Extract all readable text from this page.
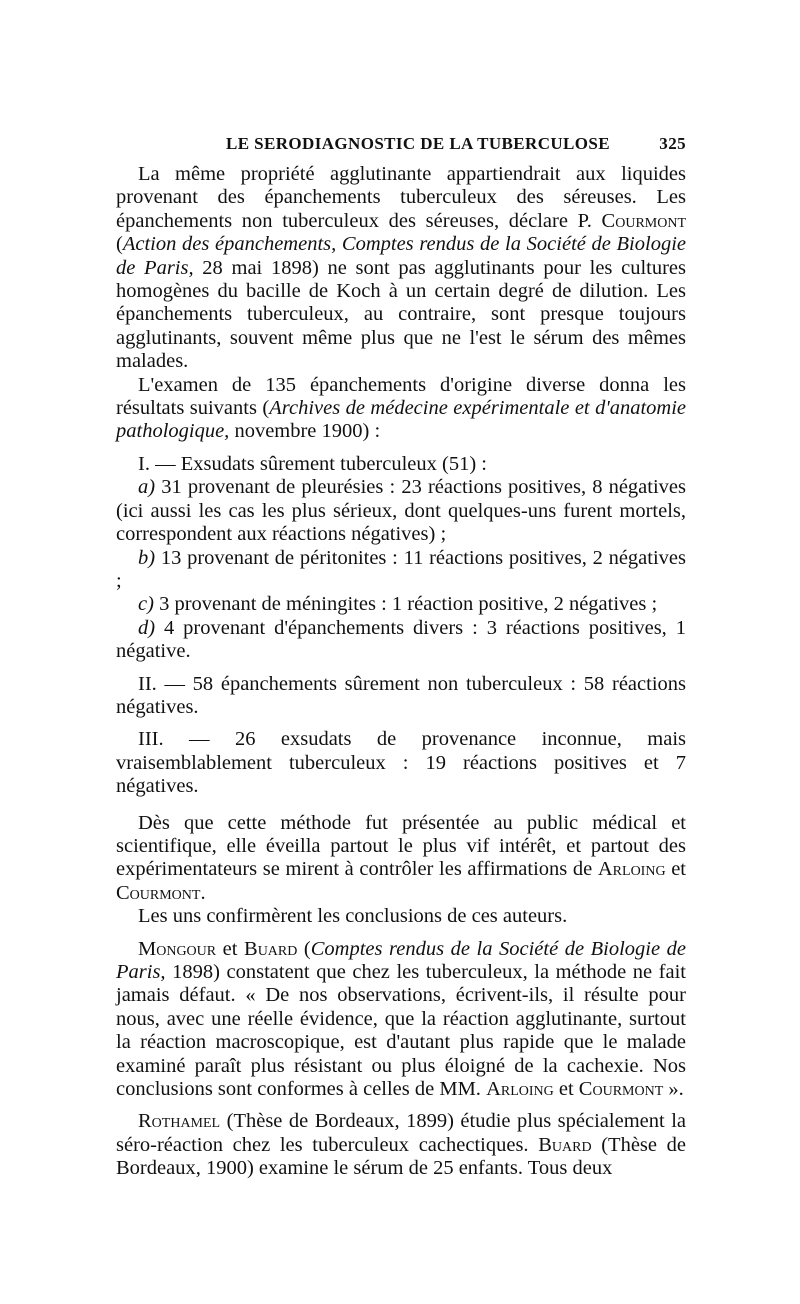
LE SERODIAGNOSTIC DE LA TUBERCULOSE	325

La même propriété agglutinante appartiendrait aux liquides provenant des épanchements tuberculeux des séreuses. Les épanchements non tuberculeux des séreuses, déclare P. Courmont (Action des épanchements, Comptes rendus de la Société de Biologie de Paris, 28 mai 1898) ne sont pas agglutinants pour les cultures homogènes du bacille de Koch à un certain degré de dilution. Les épanchements tuberculeux, au contraire, sont presque toujours agglutinants, souvent même plus que ne l'est le sérum des mêmes malades.

L'examen de 135 épanchements d'origine diverse donna les résultats suivants (Archives de médecine expérimentale et d'anatomie pathologique, novembre 1900) :

I. — Exsudats sûrement tuberculeux (51) :

a) 31 provenant de pleurésies : 23 réactions positives, 8 négatives (ici aussi les cas les plus sérieux, dont quelques-uns furent mortels, correspondent aux réactions négatives) ;

b) 13 provenant de péritonites : 11 réactions positives, 2 négatives ;

c) 3 provenant de méningites : 1 réaction positive, 2 négatives ;

d) 4 provenant d'épanchements divers : 3 réactions positives, 1 négative.

II. — 58 épanchements sûrement non tuberculeux : 58 réactions négatives.

III. — 26 exsudats de provenance inconnue, mais vraisemblablement tuberculeux : 19 réactions positives et 7 négatives.

Dès que cette méthode fut présentée au public médical et scientifique, elle éveilla partout le plus vif intérêt, et partout des expérimentateurs se mirent à contrôler les affirmations de Arloing et Courmont.

Les uns confirmèrent les conclusions de ces auteurs.

Mongour et Buard (Comptes rendus de la Société de Biologie de Paris, 1898) constatent que chez les tuberculeux, la méthode ne fait jamais défaut. « De nos observations, écrivent-ils, il résulte pour nous, avec une réelle évidence, que la réaction agglutinante, surtout la réaction macroscopique, est d'autant plus rapide que le malade examiné paraît plus résistant ou plus éloigné de la cachexie. Nos conclusions sont conformes à celles de MM. Arloing et Courmont ».

Rothamel (Thèse de Bordeaux, 1899) étudie plus spécialement la séro-réaction chez les tuberculeux cachectiques. Buard (Thèse de Bordeaux, 1900) examine le sérum de 25 enfants. Tous deux
